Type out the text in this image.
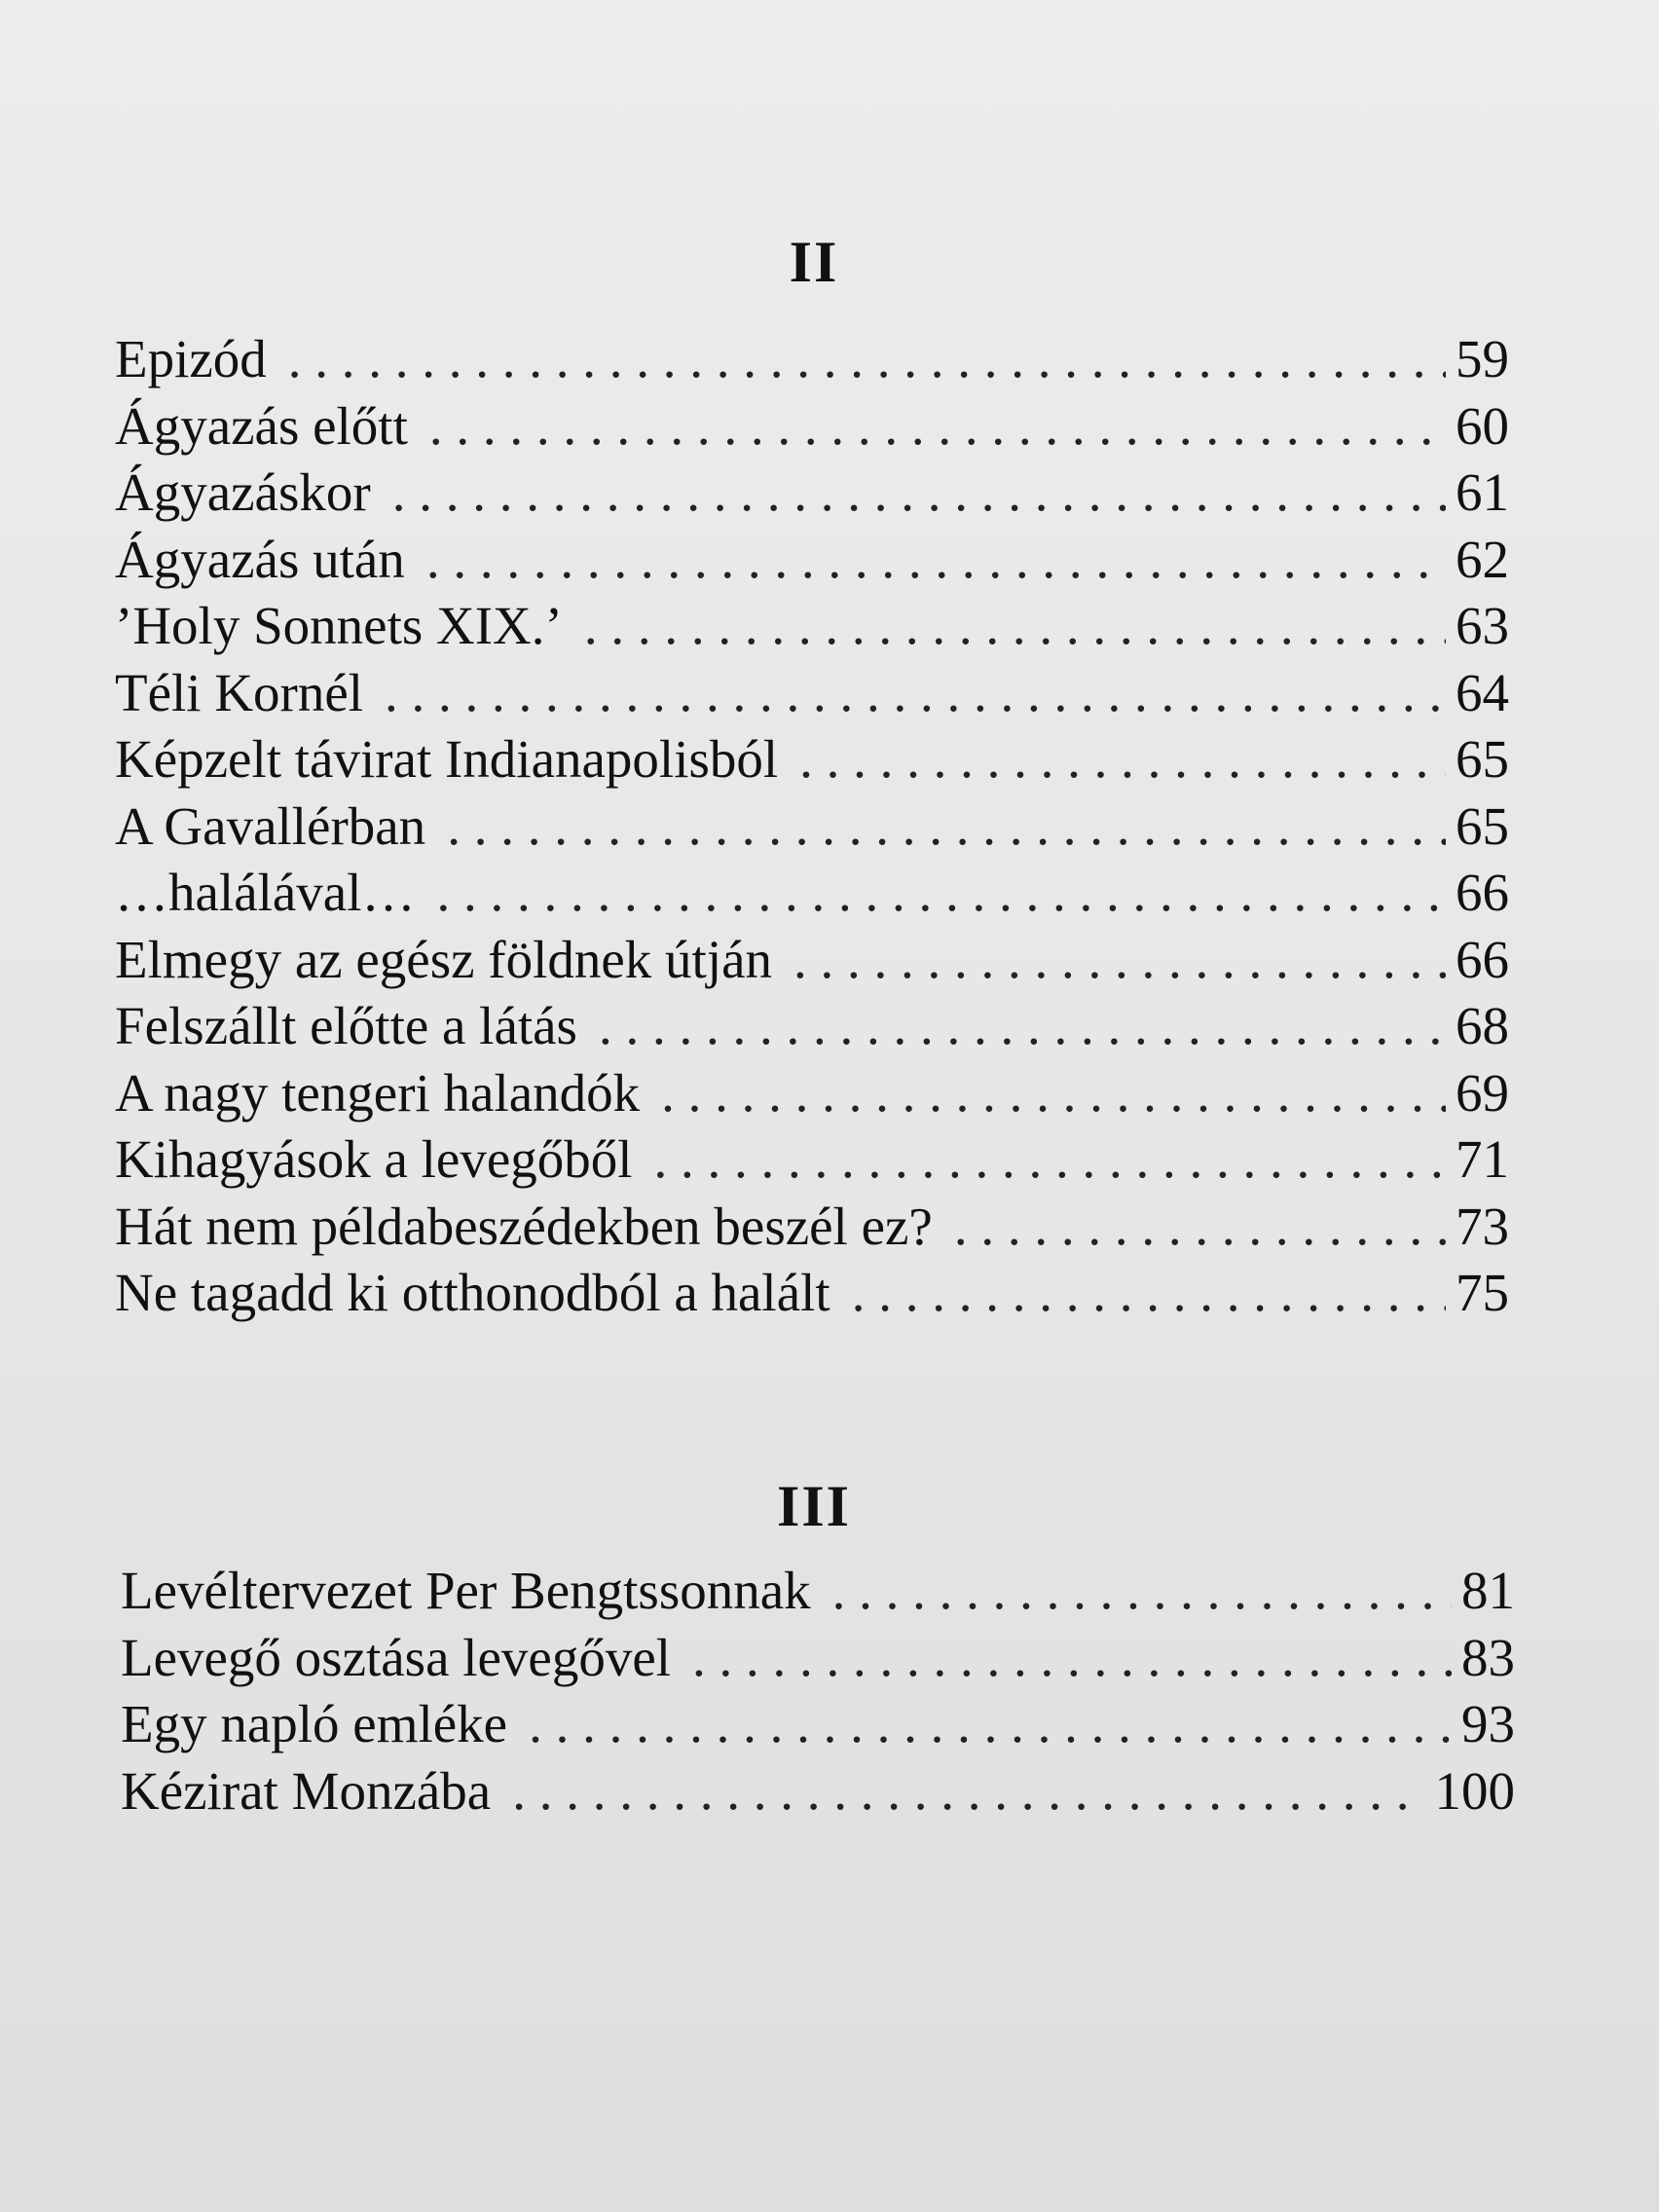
II
Epizód . . .	59
Ágyazás előtt . . .	60
Ágyazáskor . . .	61
Ágyazás után . . .	62
’Holy Sonnets XIX.’ . . .	63
Téli Kornél . . .	64
Képzelt távirat Indianapolisból . . .	65
A Gavallérban . . .	65
…halálával… . . .	66
Elmegy az egész földnek útján . . .	66
Felszállt előtte a látás . . .	68
A nagy tengeri halandók . . .	69
Kihagyások a levegőből . . .	71
Hát nem példabeszédekben beszél ez? . . .	73
Ne tagadd ki otthonodból a halált . . .	75
III
Levéltervezet Per Bengtssonnak . . .	81
Levegő osztása levegővel . . .	83
Egy napló emléke . . .	93
Kézirat Monzába . . .	100
